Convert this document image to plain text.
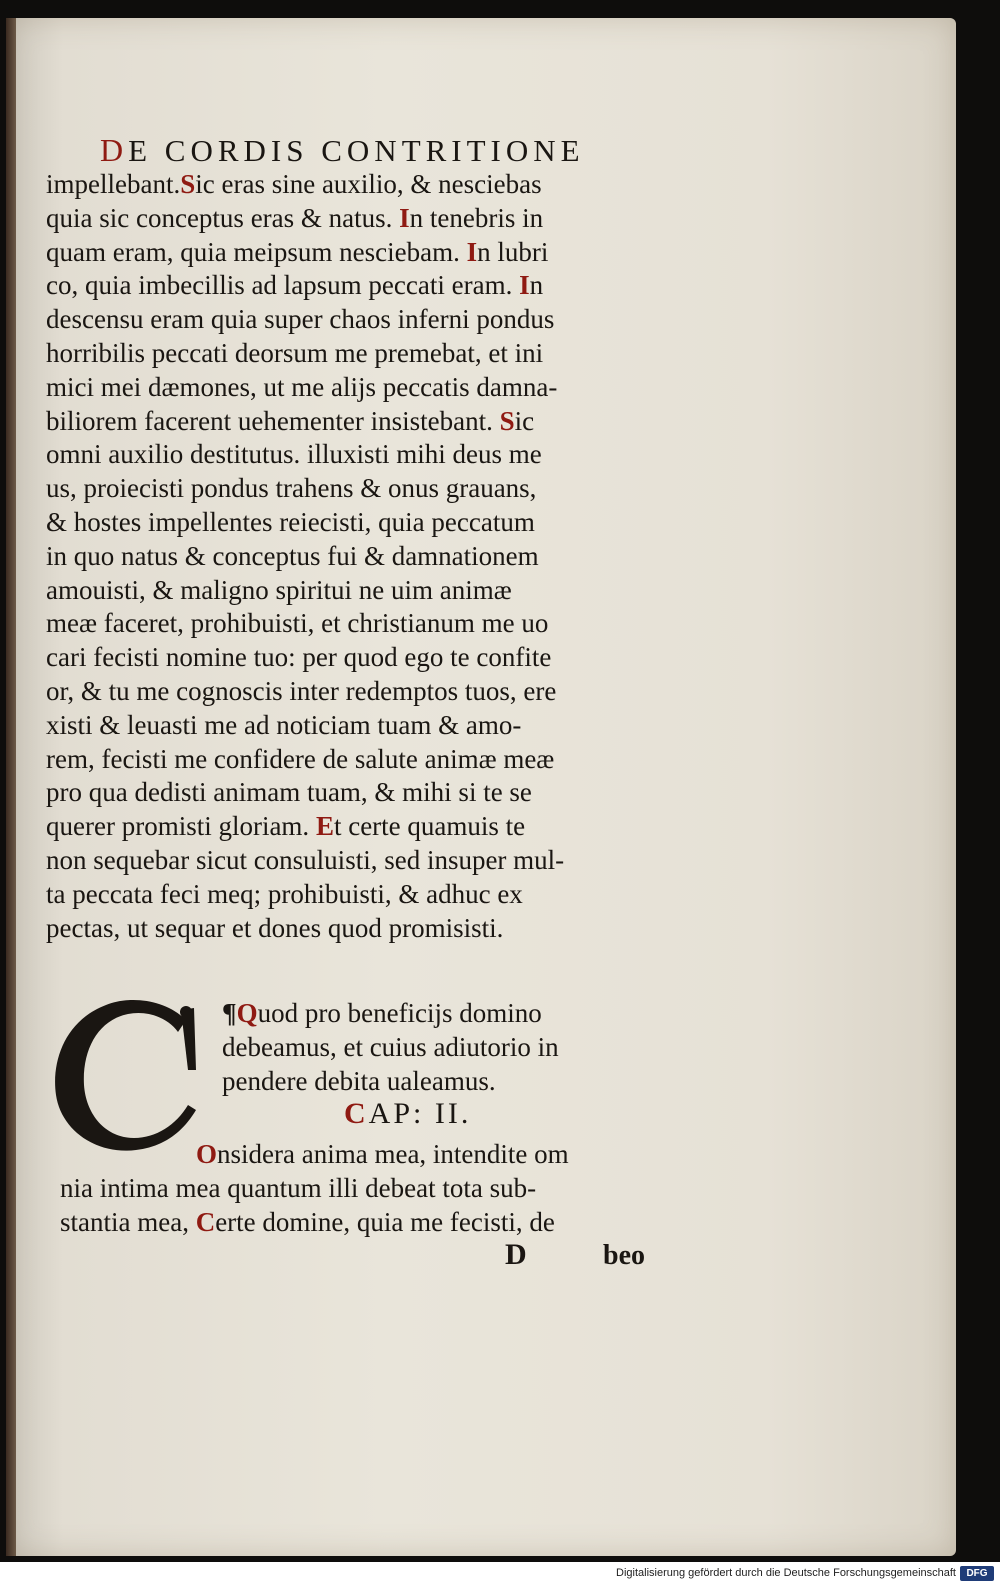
DE CORDIS CONTRITIONE
impellebant.Sic eras sine auxilio, & nesciebas
quia sic conceptus eras & natus. In tenebris in
quam eram, quia meipsum nesciebam. In lubri
co, quia imbecillis ad lapsum peccati eram. In
descensu eram quia super chaos inferni pondus
horribilis peccati deorsum me premebat, et ini
mici mei dæmones, ut me alijs peccatis damna-
biliorem facerent uehementer insistebant. Sic
omni auxilio destitutus. illuxisti mihi deus me
us, proiecisti pondus trahens & onus grauans,
& hostes impellentes reiecisti, quia peccatum
in quo natus & conceptus fui & damnationem
amouisti, & maligno spiritui ne uim animæ
meæ faceret, prohibuisti, et christianum me uo
cari fecisti nomine tuo: per quod ego te confite
or, & tu me cognoscis inter redemptos tuos, ere
xisti & leuasti me ad noticiam tuam & amo-
rem, fecisti me confidere de salute animæ meæ
pro qua dedisti animam tuam, & mihi si te se
querer promisti gloriam. Et certe quamuis te
non sequebar sicut consuluisti, sed insuper mul-
ta peccata feci meq; prohibuisti, & adhuc ex
pectas, ut sequar et dones quod promisisti.
¶Quod pro beneficijs domino
debeamus, et cuius adiutorio in
pendere debita ualeamus.
CAP: II.
Onsidera anima mea, intendite om
nia intima mea quantum illi debeat tota sub-
stantia mea, Certe domine, quia me fecisti, de
D	beo
Digitalisierung gefördert durch die Deutsche Forschungsgemeinschaft	DFG
